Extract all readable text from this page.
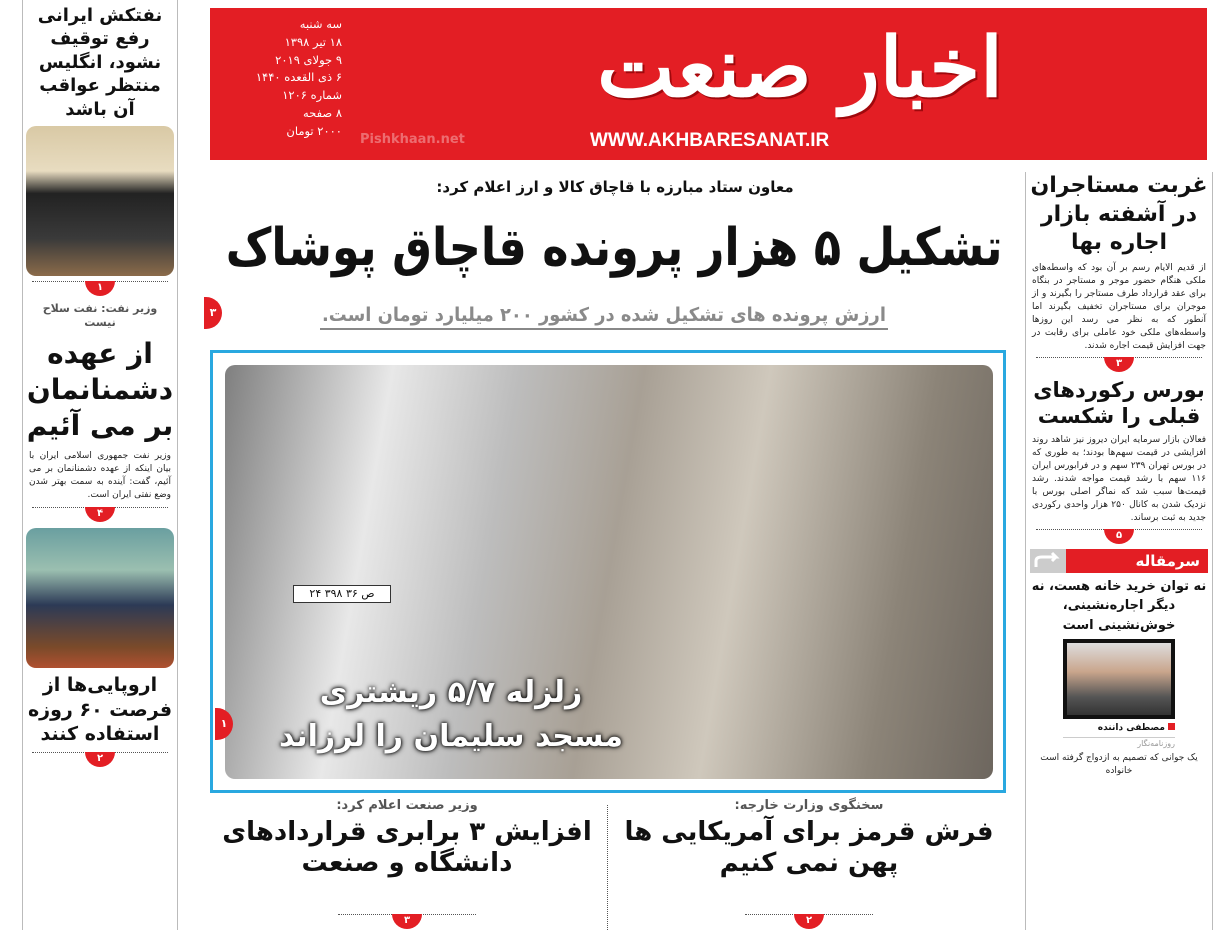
نفتکش ایرانی رفع توقیف نشود، انگلیس منتظر عواقب آن باشد
۱
وزیر نفت: نفت سلاح نیست
از عهده دشمنانمان بر می آئیم
وزیر نفت جمهوری اسلامی ایران با بیان اینکه از عهده دشمنانمان بر می آئیم، گفت: آینده به سمت بهتر شدن وضع نفتی ایران است.
۴
اروپایی‌ها از فرصت ۶۰ روزه استفاده کنند
۲
سه شنبه
۱۸ تیر ۱۳۹۸
۹ جولای ۲۰۱۹
۶ ذی القعده ۱۴۴۰
شماره ۱۲۰۶
۸ صفحه
۲۰۰۰ تومان
اخبار صنعت
Pishkhaan.net	WWW.AKHBARESANAT.IR
معاون ستاد مبارزه با قاچاق کالا و ارز اعلام کرد:
تشکیل ۵ هزار پرونده قاچاق پوشاک
ارزش پرونده های تشکیل شده در کشور ۲۰۰ میلیارد تومان است.
۳
۲۴ ۳۹۸ ص ۳۶
زلزله ۵/۷ ریشتری
مسجد سلیمان را لرزاند
۱
سخنگوی وزارت خارجه:
فرش قرمز برای آمریکایی ها پهن نمی کنیم
۲
وزیر صنعت اعلام کرد:
افزایش ۳ برابری قراردادهای دانشگاه و صنعت
۳
غربت مستاجران در آشفته بازار اجاره بها
از قدیم الایام رسم بر آن بود که واسطه‌های ملکی هنگام حضور موجر و مستاجر در بنگاه برای عقد قرارداد طرف مستاجر را بگیرند و از موجران برای مستاجران تخفیف بگیرند اما آنطور که به نظر می رسد این روزها واسطه‌های ملکی خود عاملی برای رقابت در جهت افزایش قیمت اجاره شدند.
۳
بورس رکوردهای قبلی را شکست
فعالان بازار سرمایه ایران دیروز نیز شاهد روند افزایشی در قیمت سهم‌ها بودند؛ به طوری که در بورس تهران ۲۳۹ سهم و در فرابورس ایران ۱۱۶ سهم با رشد قیمت مواجه شدند. رشد قیمت‌ها سبب شد که نماگر اصلی بورس با نزدیک شدن به کانال ۲۵۰ هزار واحدی رکوردی جدید به ثبت برساند.
۵
سرمقاله
نه توان خرید خانه هست، نه دیگر اجاره‌نشینی، خوش‌نشینی است
مصطفی داننده
روزنامه‌نگار
یک جوانی که تصمیم به ازدواج گرفته است خانواده
